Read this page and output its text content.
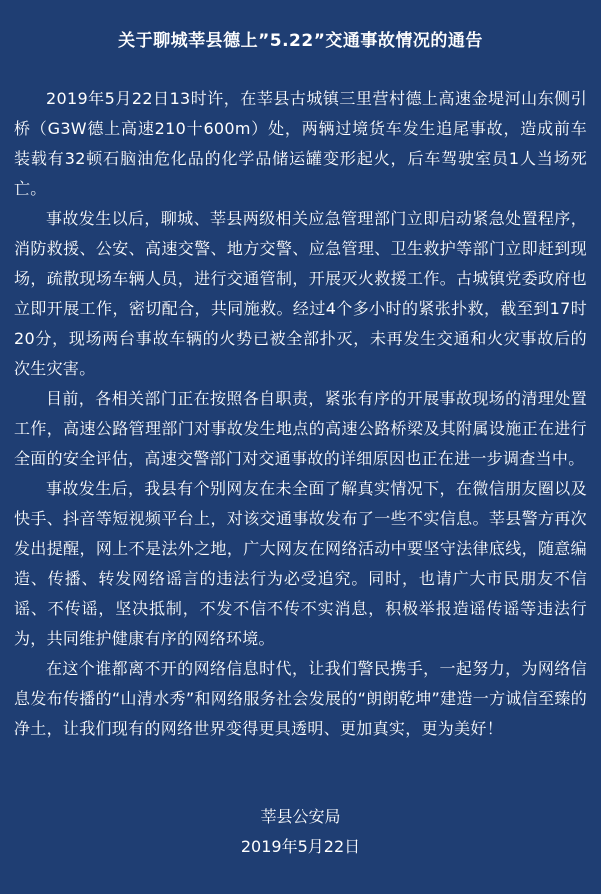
关于聊城莘县德上”5.22”交通事故情况的通告

2019年5月22日13时许，在莘县古城镇三里营村德上高速金堤河山东侧引桥（G3W德上高速210十600m）处，两辆过境货车发生追尾事故，造成前车装载有32顿石脑油危化品的化学品储运罐变形起火，后车驾驶室员1人当场死亡。

事故发生以后，聊城、莘县两级相关应急管理部门立即启动紧急处置程序，消防救援、公安、高速交警、地方交警、应急管理、卫生救护等部门立即赶到现场，疏散现场车辆人员，进行交通管制，开展灭火救援工作。古城镇党委政府也立即开展工作，密切配合，共同施救。经过4个多小时的紧张扑救，截至到17时20分，现场两台事故车辆的火势已被全部扑灭，未再发生交通和火灾事故后的次生灾害。

目前，各相关部门正在按照各自职责，紧张有序的开展事故现场的清理处置工作，高速公路管理部门对事故发生地点的高速公路桥梁及其附属设施正在进行全面的安全评估，高速交警部门对交通事故的详细原因也正在进一步调查当中。

事故发生后，我县有个别网友在未全面了解真实情况下，在微信朋友圈以及快手、抖音等短视频平台上，对该交通事故发布了一些不实信息。莘县警方再次发出提醒，网上不是法外之地，广大网友在网络活动中要坚守法律底线，随意编造、传播、转发网络谣言的违法行为必受追究。同时，也请广大市民朋友不信谣、不传谣，坚决抵制，不发不信不传不实消息，积极举报造谣传谣等违法行为，共同维护健康有序的网络环境。

在这个谁都离不开的网络信息时代，让我们警民携手，一起努力，为网络信息发布传播的“山清水秀”和网络服务社会发展的“朗朗乾坤”建造一方诚信至臻的净土，让我们现有的网络世界变得更具透明、更加真实，更为美好！

莘县公安局
2019年5月22日
